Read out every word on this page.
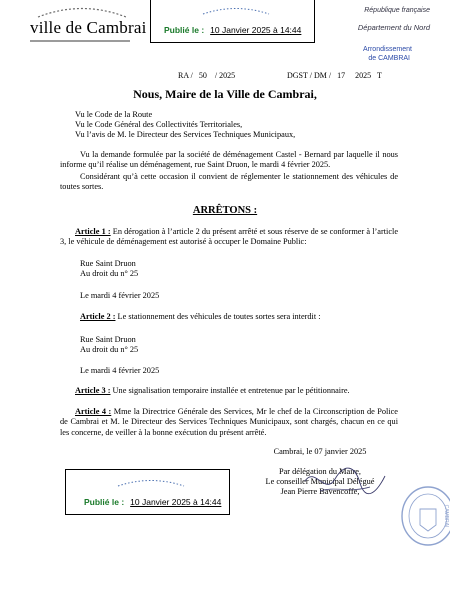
ville de Cambrai Publié le : 10 Janvier 2025 à 14:44
République française
Département du Nord
Arrondissement
de CAMBRAI
RA /   50    / 2025	DGST / DM /   17     2025   T
Nous, Maire de la Ville de Cambrai,
Vu le Code de la Route
Vu le Code Général des Collectivités Territoriales,
Vu l’avis de M. le Directeur des Services Techniques Municipaux,
Vu la demande formulée par la société de déménagement Castel - Bernard par laquelle il nous informe qu’il réalise un déménagement, rue Saint Druon, le mardi 4 février 2025.
Considérant qu’à cette occasion il convient de réglementer le stationnement des véhicules de toutes sortes.
ARRÊTONS :
Article 1 : En dérogation à l’article 2 du présent arrêté et sous réserve de se conformer à l’article 3, le véhicule de déménagement est autorisé à occuper le Domaine Public:
Rue Saint Druon
Au droit du n° 25
Le mardi 4 février 2025
Article 2 : Le stationnement des véhicules de toutes sortes sera interdit :
Rue Saint Druon
Au droit du n° 25
Le mardi 4 février 2025
Article 3 : Une signalisation temporaire installée et entretenue par le pétitionnaire.
Article 4 : Mme la Directrice Générale des Services, Mr le chef de la Circonscription de Police de Cambrai et M. le Directeur des Services Techniques Municipaux, sont chargés, chacun en ce qui les concerne, de veiller à la bonne exécution du présent arrêté.
Cambrai, le 07 janvier 2025
Par délégation du Maire,
Le conseiller Municipal Délégué
Jean Pierre Bavencoffe,
CAMBRAI
Publié le : 10 Janvier 2025 à 14:44
